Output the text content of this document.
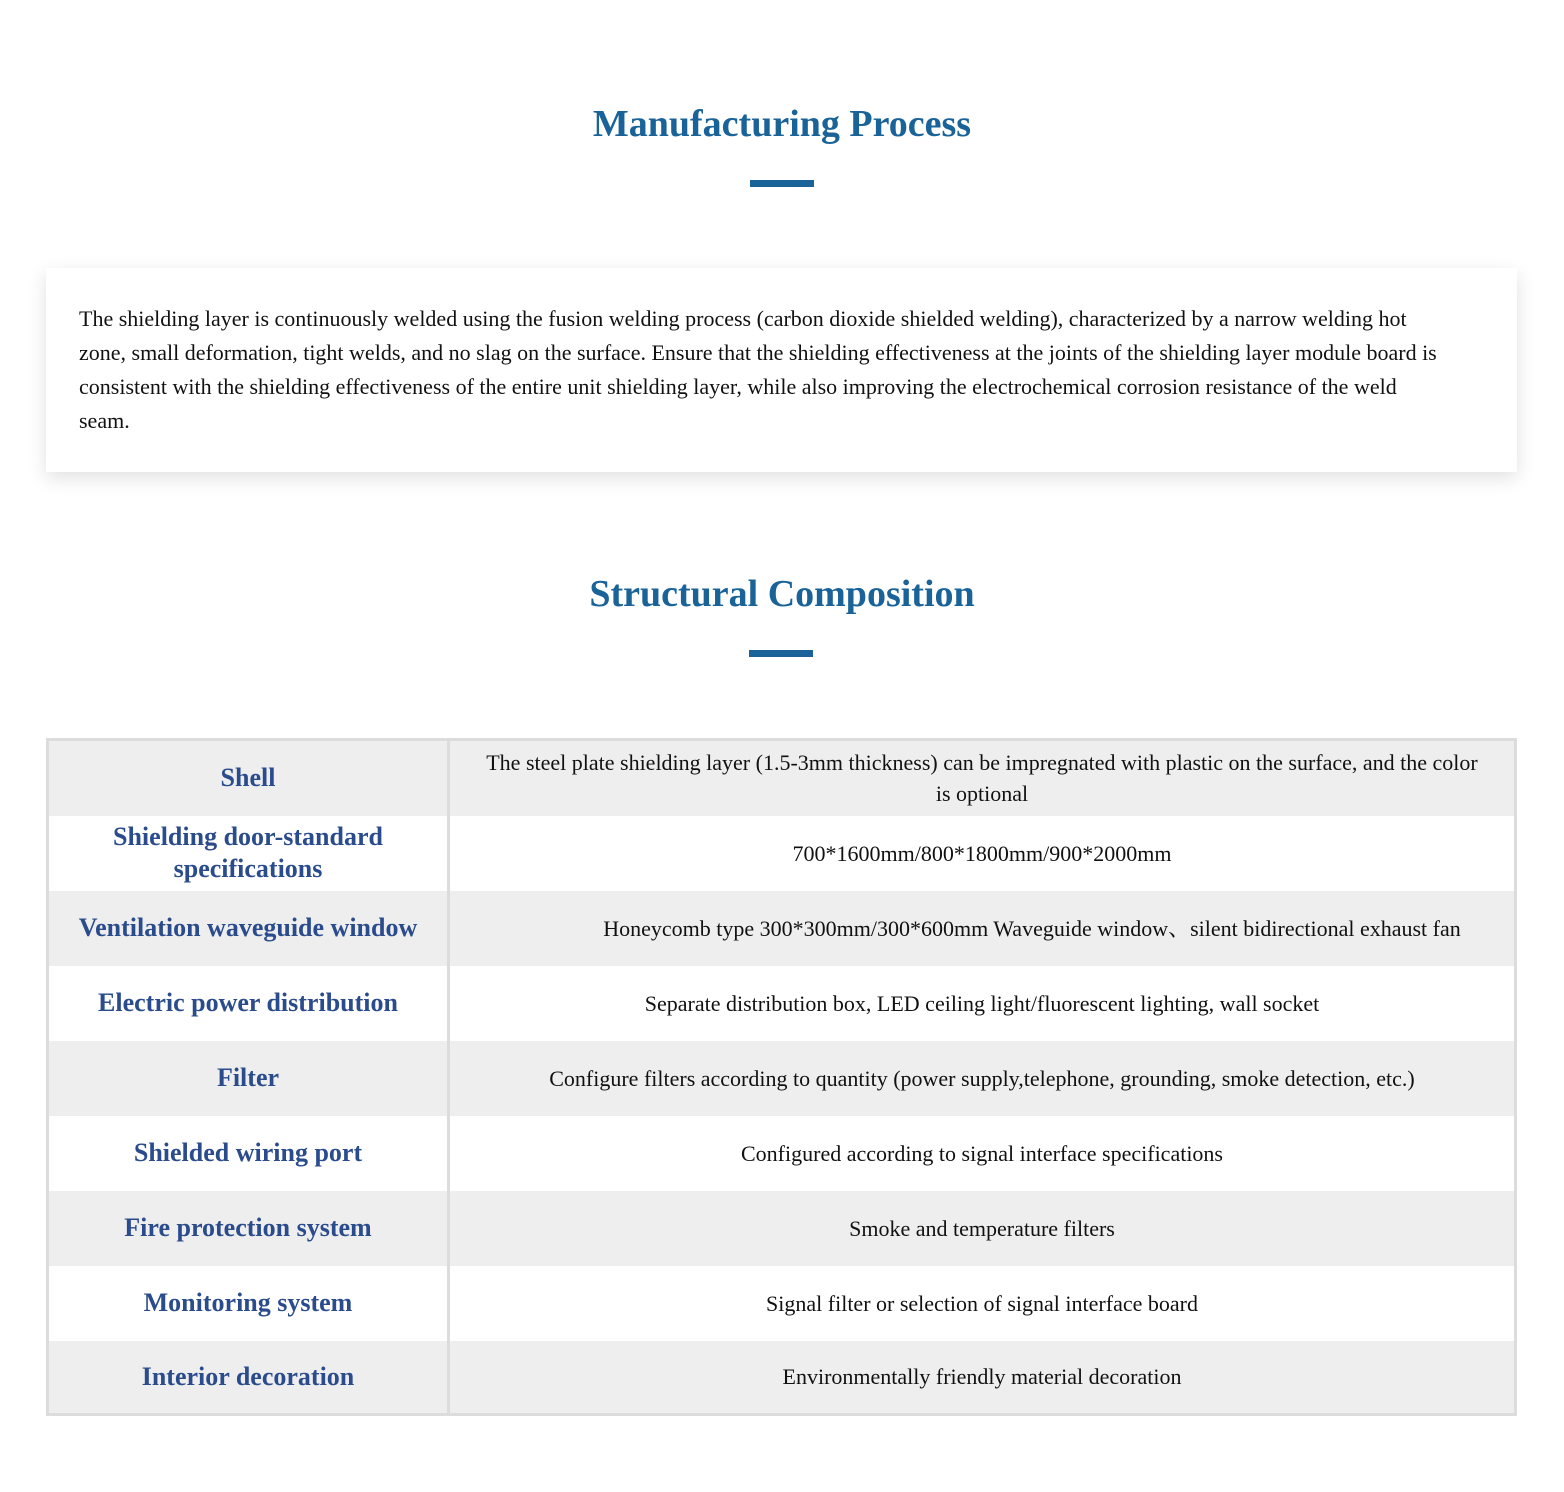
Manufacturing Process

The shielding layer is continuously welded using the fusion welding process (carbon dioxide shielded welding), characterized by a narrow welding hot zone, small deformation, tight welds, and no slag on the surface. Ensure that the shielding effectiveness at the joints of the shielding layer module board is consistent with the shielding effectiveness of the entire unit shielding layer, while also improving the electrochemical corrosion resistance of the weld seam.

Structural Composition
Shell	The steel plate shielding layer (1.5-3mm thickness) can be impregnated with plastic on the surface, and the color is optional
Shielding door-standard specifications	700*1600mm/800*1800mm/900*2000mm
Ventilation waveguide window	Honeycomb type 300*300mm/300*600mm Waveguide window、silent bidirectional exhaust fan
Electric power distribution	Separate distribution box, LED ceiling light/fluorescent lighting, wall socket
Filter	Configure filters according to quantity (power supply,telephone, grounding, smoke detection, etc.)
Shielded wiring port	Configured according to signal interface specifications
Fire protection system	Smoke and temperature filters
Monitoring system	Signal filter or selection of signal interface board
Interior decoration	Environmentally friendly material decoration
